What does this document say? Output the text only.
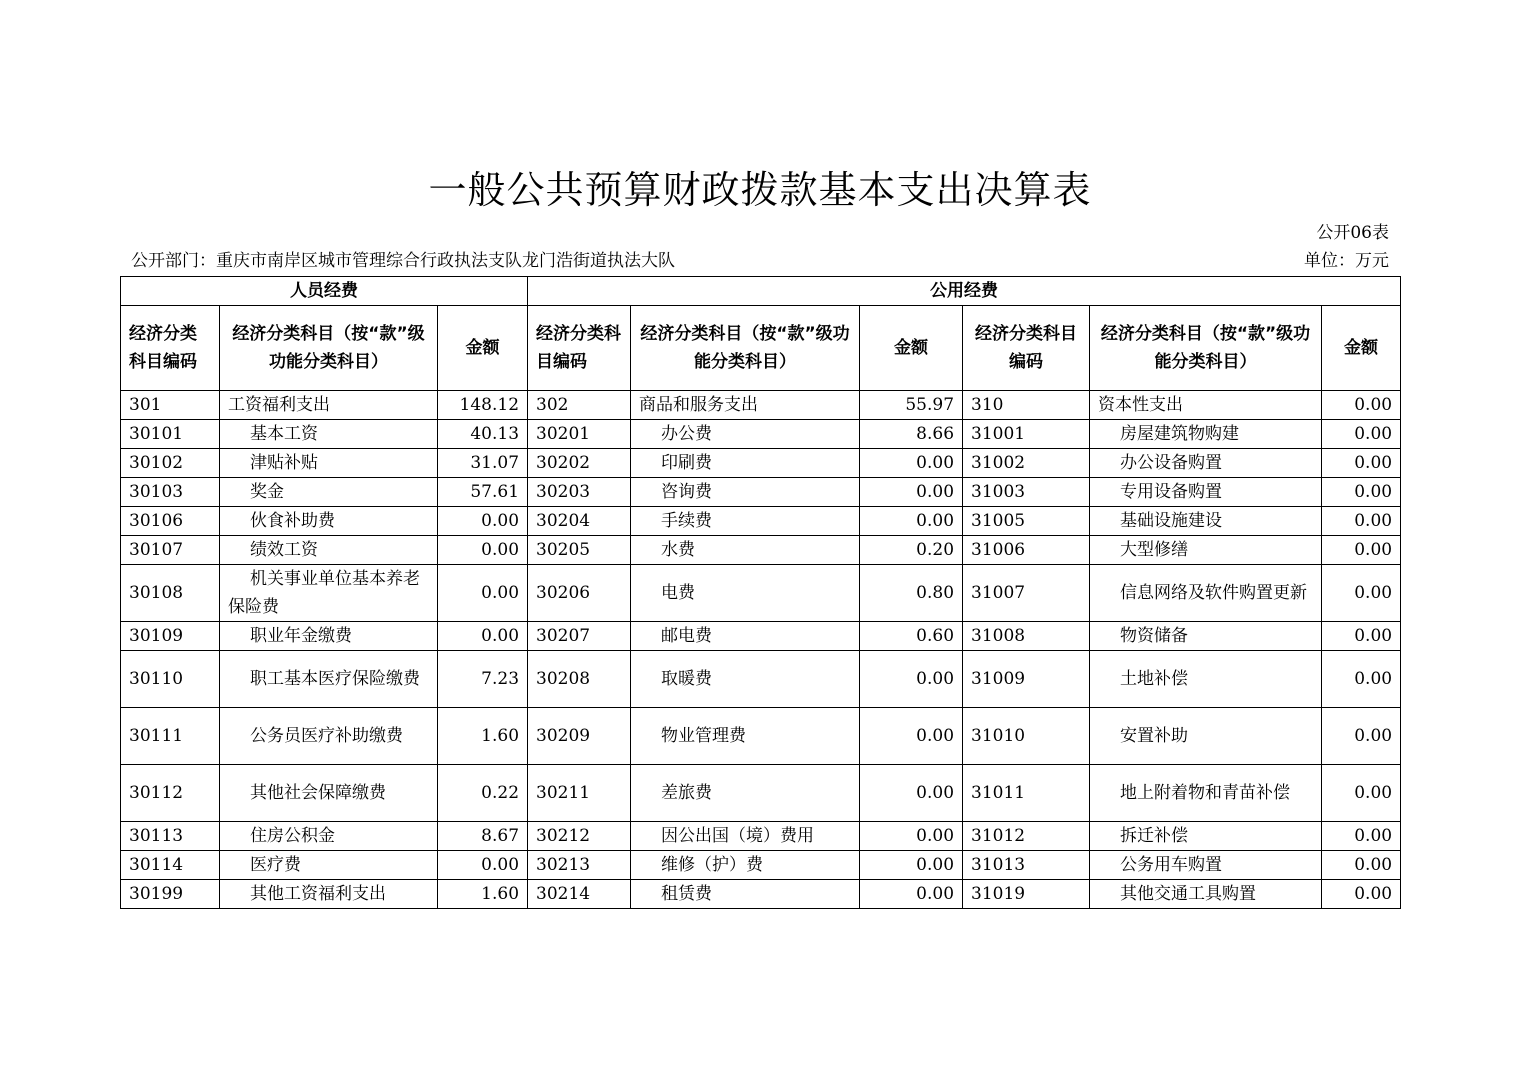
一般公共预算财政拨款基本支出决算表
公开06表
公开部门：重庆市南岸区城市管理综合行政执法支队龙门浩街道执法大队	单位：万元
人员经费			公用经费					
经济分类科目编码	经济分类科目（按“款”级功能分类科目）	金额	经济分类科目编码	经济分类科目（按“款”级功能分类科目）	金额	经济分类科目编码	经济分类科目（按“款”级功能分类科目）	金额
301	工资福利支出	148.12	302	商品和服务支出	55.97	310	资本性支出	0.00
30101	基本工资	40.13	30201	办公费	8.66	31001	房屋建筑物购建	0.00
30102	津贴补贴	31.07	30202	印刷费	0.00	31002	办公设备购置	0.00
30103	奖金	57.61	30203	咨询费	0.00	31003	专用设备购置	0.00
30106	伙食补助费	0.00	30204	手续费	0.00	31005	基础设施建设	0.00
30107	绩效工资	0.00	30205	水费	0.20	31006	大型修缮	0.00
30108	机关事业单位基本养老保险费	0.00	30206	电费	0.80	31007	信息网络及软件购置更新	0.00
30109	职业年金缴费	0.00	30207	邮电费	0.60	31008	物资储备	0.00
30110	职工基本医疗保险缴费	7.23	30208	取暖费	0.00	31009	土地补偿	0.00
30111	公务员医疗补助缴费	1.60	30209	物业管理费	0.00	31010	安置补助	0.00
30112	其他社会保障缴费	0.22	30211	差旅费	0.00	31011	地上附着物和青苗补偿	0.00
30113	住房公积金	8.67	30212	因公出国（境）费用	0.00	31012	拆迁补偿	0.00
30114	医疗费	0.00	30213	维修（护）费	0.00	31013	公务用车购置	0.00
30199	其他工资福利支出	1.60	30214	租赁费	0.00	31019	其他交通工具购置	0.00
